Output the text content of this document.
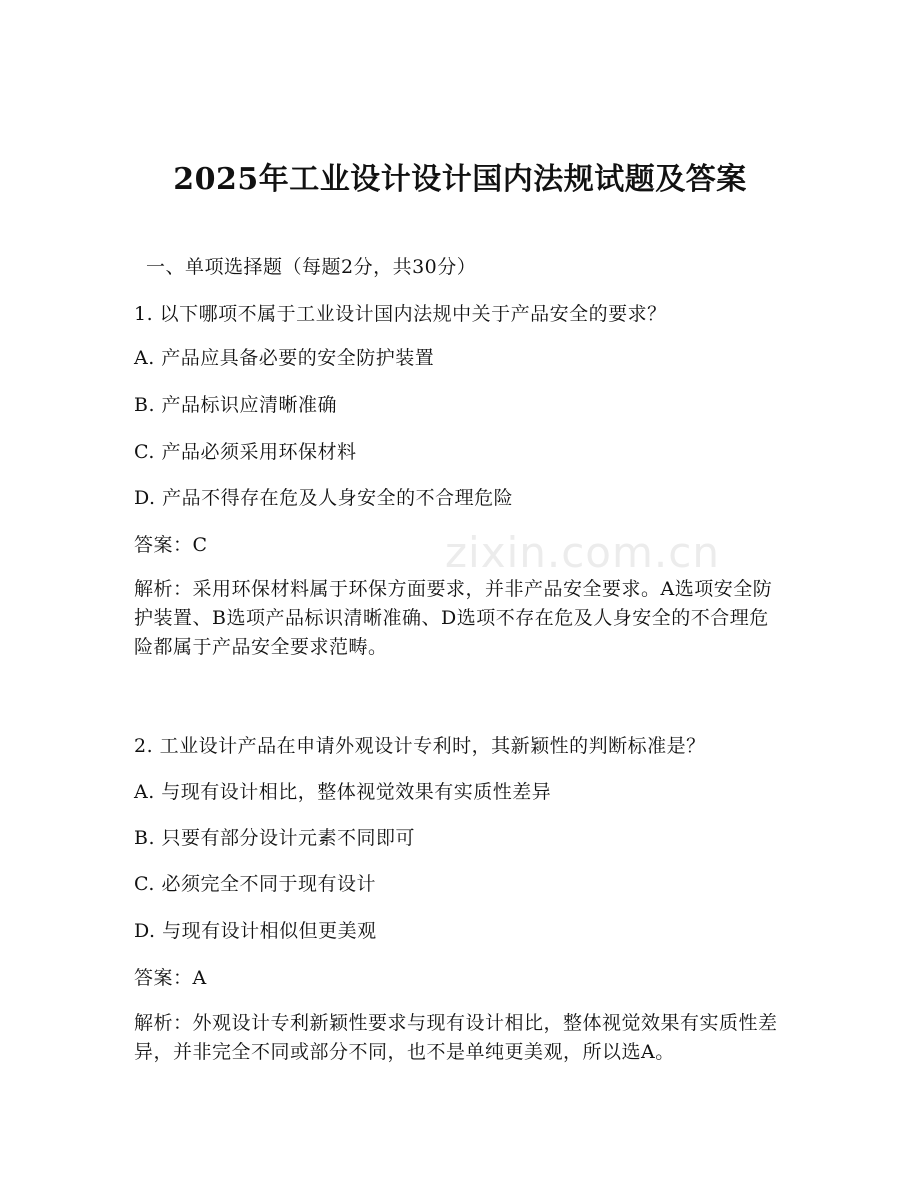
zixin.com.cn
2025年工业设计设计国内法规试题及答案
一、单项选择题（每题2分，共30分）
1. 以下哪项不属于工业设计国内法规中关于产品安全的要求？
A. 产品应具备必要的安全防护装置
B. 产品标识应清晰准确
C. 产品必须采用环保材料
D. 产品不得存在危及人身安全的不合理危险
答案：C
解析：采用环保材料属于环保方面要求，并非产品安全要求。A选项安全防护装置、B选项产品标识清晰准确、D选项不存在危及人身安全的不合理危险都属于产品安全要求范畴。
2. 工业设计产品在申请外观设计专利时，其新颖性的判断标准是？
A. 与现有设计相比，整体视觉效果有实质性差异
B. 只要有部分设计元素不同即可
C. 必须完全不同于现有设计
D. 与现有设计相似但更美观
答案：A
解析：外观设计专利新颖性要求与现有设计相比，整体视觉效果有实质性差异，并非完全不同或部分不同，也不是单纯更美观，所以选A。
